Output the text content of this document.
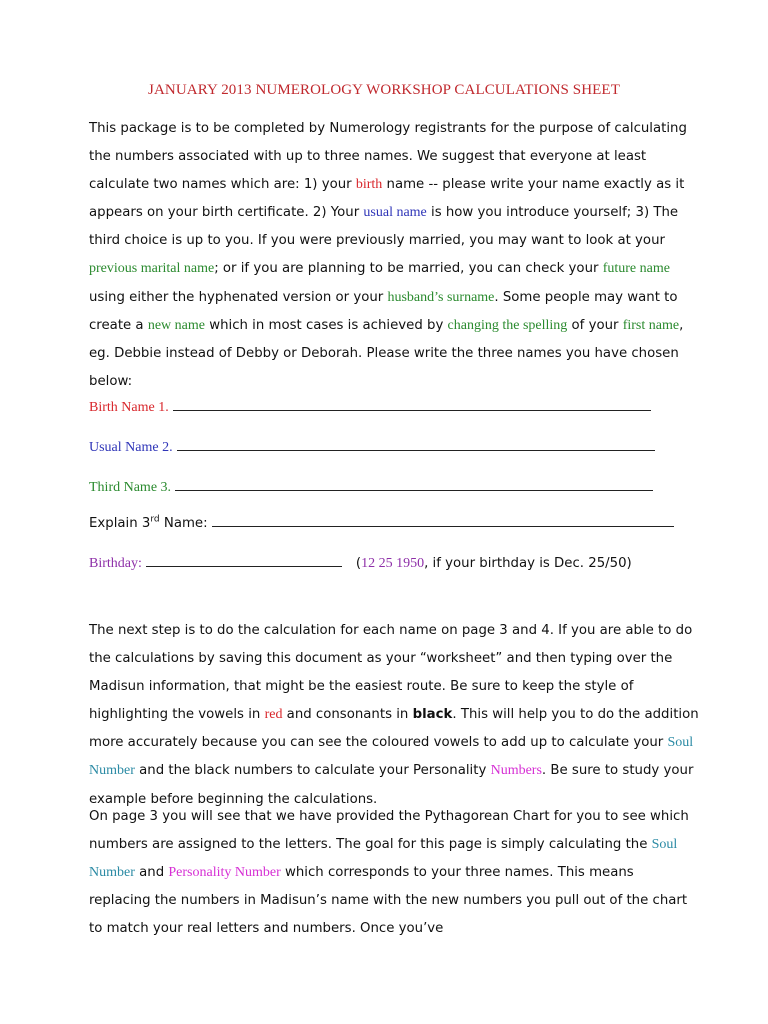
JANUARY 2013 NUMEROLOGY WORKSHOP CALCULATIONS SHEET
This package is to be completed by Numerology registrants for the purpose of calculating the numbers associated with up to three names. We suggest that everyone at least calculate two names which are: 1) your birth name -- please write your name exactly as it appears on your birth certificate. 2) Your usual name is how you introduce yourself; 3) The third choice is up to you. If you were previously married, you may want to look at your previous marital name; or if you are planning to be married, you can check your future name using either the hyphenated version or your husband’s surname. Some people may want to create a new name which in most cases is achieved by changing the spelling of your first name, eg. Debbie instead of Debby or Deborah. Please write the three names you have chosen below:
Birth Name 1.
Usual Name 2.
Third Name 3.
Explain 3rd Name:
Birthday:	(12 25 1950, if your birthday is Dec. 25/50)
The next step is to do the calculation for each name on page 3 and 4. If you are able to do the calculations by saving this document as your “worksheet” and then typing over the Madisun information, that might be the easiest route. Be sure to keep the style of highlighting the vowels in red and consonants in black. This will help you to do the addition more accurately because you can see the coloured vowels to add up to calculate your Soul Number and the black numbers to calculate your Personality Numbers. Be sure to study your example before beginning the calculations.
On page 3 you will see that we have provided the Pythagorean Chart for you to see which numbers are assigned to the letters. The goal for this page is simply calculating the Soul Number and Personality Number which corresponds to your three names. This means replacing the numbers in Madisun’s name with the new numbers you pull out of the chart to match your real letters and numbers. Once you’ve
